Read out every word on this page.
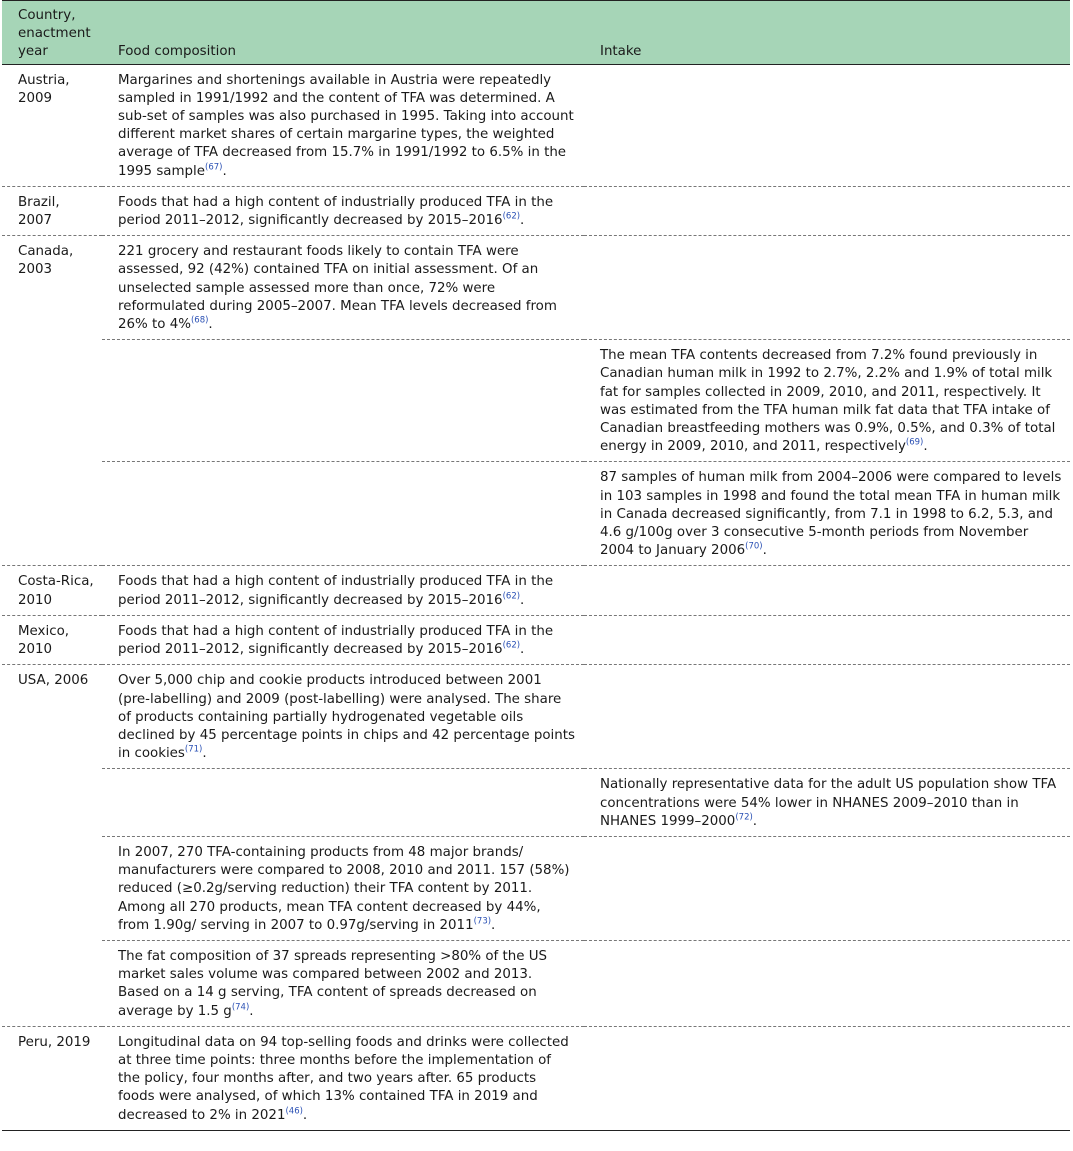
Country, enactment year	Food composition	Intake
Austria, 2009	Margarines and shortenings available in Austria were repeatedly sampled in 1991/1992 and the content of TFA was determined. A sub-set of samples was also purchased in 1995. Taking into account different market shares of certain margarine types, the weighted average of TFA decreased from 15.7% in 1991/1992 to 6.5% in the 1995 sample$^{(67)}$.	
Brazil, 2007	Foods that had a high content of industrially produced TFA in the period 2011–2012, significantly decreased by 2015–2016$^{(62)}$.	
Canada, 2003	221 grocery and restaurant foods likely to contain TFA were assessed, 92 (42%) contained TFA on initial assessment. Of an unselected sample assessed more than once, 72% were reformulated during 2005–2007. Mean TFA levels decreased from 26% to 4%$^{(68)}$.	
		The mean TFA contents decreased from 7.2% found previously in Canadian human milk in 1992 to 2.7%, 2.2% and 1.9% of total milk fat for samples collected in 2009, 2010, and 2011, respectively. It was estimated from the TFA human milk fat data that TFA intake of Canadian breastfeeding mothers was 0.9%, 0.5%, and 0.3% of total energy in 2009, 2010, and 2011, respectively$^{(69)}$.
		87 samples of human milk from 2004–2006 were compared to levels in 103 samples in 1998 and found the total mean TFA in human milk in Canada decreased significantly, from 7.1 in 1998 to 6.2, 5.3, and 4.6 g/100g over 3 consecutive 5-month periods from November 2004 to January 2006$^{(70)}$.
Costa-Rica, 2010	Foods that had a high content of industrially produced TFA in the period 2011–2012, significantly decreased by 2015–2016$^{(62)}$.	
Mexico, 2010	Foods that had a high content of industrially produced TFA in the period 2011–2012, significantly decreased by 2015–2016$^{(62)}$.	
USA, 2006	Over 5,000 chip and cookie products introduced between 2001 (pre-labelling) and 2009 (post-labelling) were analysed. The share of products containing partially hydrogenated vegetable oils declined by 45 percentage points in chips and 42 percentage points in cookies$^{(71)}$.	
		Nationally representative data for the adult US population show TFA concentrations were 54% lower in NHANES 2009–2010 than in NHANES 1999–2000$^{(72)}$.
	In 2007, 270 TFA-containing products from 48 major brands/ manufacturers were compared to 2008, 2010 and 2011. 157 (58%) reduced (≥0.2g/serving reduction) their TFA content by 2011. Among all 270 products, mean TFA content decreased by 44%, from 1.90g/ serving in 2007 to 0.97g/serving in 2011$^{(73)}$.	
	The fat composition of 37 spreads representing >80% of the US market sales volume was compared between 2002 and 2013. Based on a 14 g serving, TFA content of spreads decreased on average by 1.5 $g^{(74)}$.	
Peru, 2019	Longitudinal data on 94 top-selling foods and drinks were collected at three time points: three months before the implementation of the policy, four months after, and two years after. 65 products foods were analysed, of which 13% contained TFA in 2019 and decreased to 2% in 2021$^{(46)}$.	
